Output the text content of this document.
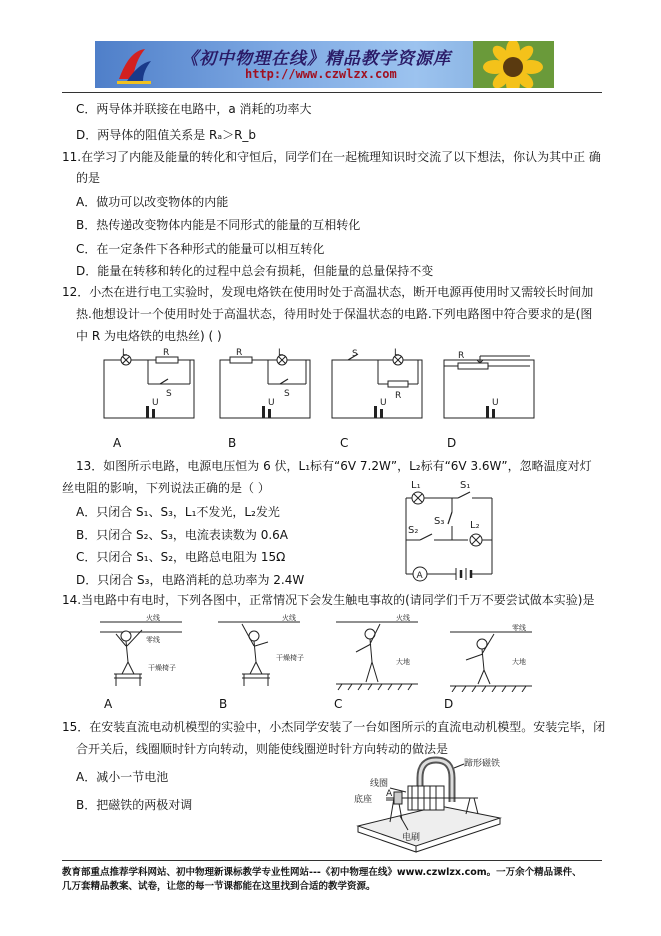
《初中物理在线》精品教学资源库
http://www.czwlzx.com
C．两导体并联接在电路中，a 消耗的功率大
D．两导体的阻值关系是 Rₐ＞R_b
11.在学习了内能及能量的转化和守恒后，同学们在一起梳理知识时交流了以下想法，你认为其中正 确
的是
A．做功可以改变物体的内能
B．热传递改变物体内能是不同形式的能量的互相转化
C．在一定条件下各种形式的能量可以相互转化
D．能量在转移和转化的过程中总会有损耗，但能量的总量保持不变
12．小杰在进行电工实验时，发现电烙铁在使用时处于高温状态，断开电源再使用时又需较长时间加
热.他想设计一个使用时处于高温状态，待用时处于保温状态的电路.下列电路图中符合要求的是(图
中 R 为电烙铁的电热丝) ( )
L	R
S
U
R	L
S
U
S	L
R
U
R
U
A	B	C	D
13．如图所示电路，电源电压恒为 6 伏，L₁标有“6V 7.2W”，L₂标有“6V 3.6W”，忽略温度对灯
丝电阻的影响，下列说法正确的是（ ）
A．只闭合 S₁、S₃，L₁不发光，L₂发光
B．只闭合 S₂、S₃，电流表读数为 0.6A
C．只闭合 S₁、S₂，电路总电阻为 15Ω
D．只闭合 S₃，电路消耗的总功率为 2.4W
L₁	S₁
S₃	L₂
S₂
A
14.当电路中有电时，下列各图中，正常情况下会发生触电事故的(请同学们千万不要尝试做本实验)是
火线
零线
干燥椅子
火线
干燥椅子
火线
大地
零线
大地
A	B	C	D
15．在安装直流电动机模型的实验中，小杰同学安装了一台如图所示的直流电动机模型。安装完毕，闭
合开关后，线圈顺时针方向转动，则能使线圈逆时针方向转动的做法是
A．减小一节电池
B．把磁铁的两极对调
蹄形磁铁
线圈
A
底座
电刷
教育部重点推荐学科网站、初中物理新课标教学专业性网站---《初中物理在线》www.czwlzx.com。一万余个精品课件、
几万套精品教案、试卷，让您的每一节课都能在这里找到合适的教学资源。
